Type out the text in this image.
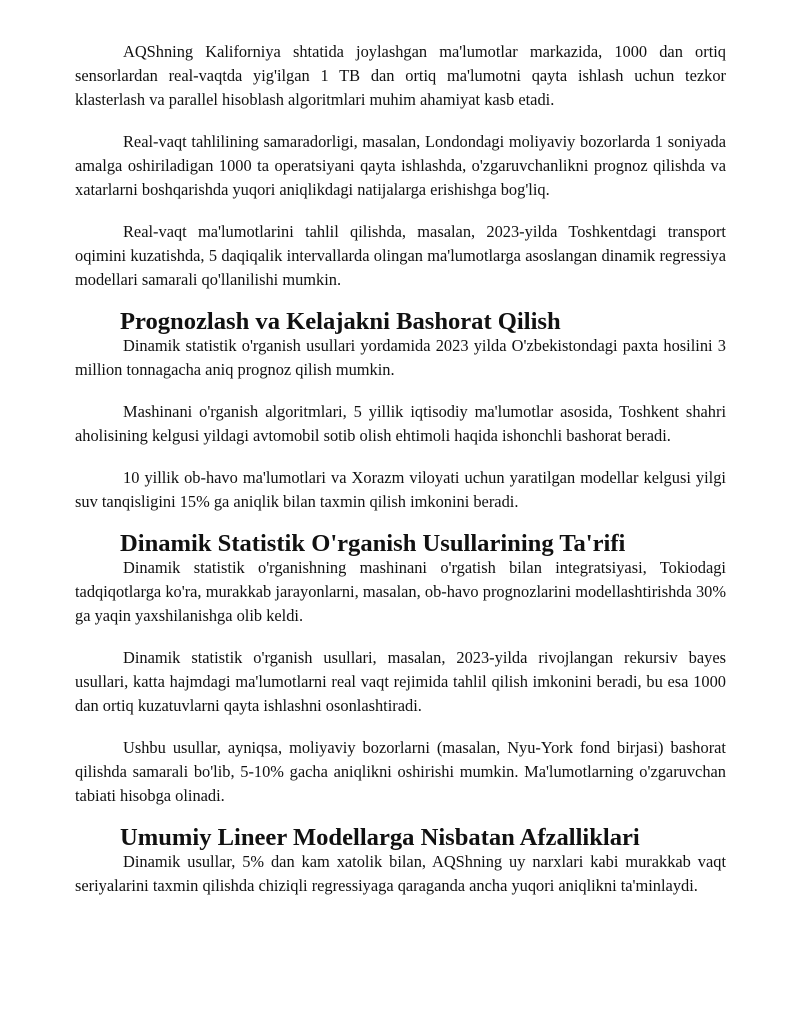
AQShning Kaliforniya shtatida joylashgan ma'lumotlar markazida, 1000 dan ortiq sensorlardan real-vaqtda yig'ilgan 1 TB dan ortiq ma'lumotni qayta ishlash uchun tezkor klasterlash va parallel hisoblash algoritmlari muhim ahamiyat kasb etadi.

Real-vaqt tahlilining samaradorligi, masalan, Londondagi moliyaviy bozorlarda 1 soniyada amalga oshiriladigan 1000 ta operatsiyani qayta ishlashda, o'zgaruvchanlikni prognoz qilishda va xatarlarni boshqarishda yuqori aniqlikdagi natijalarga erishishga bog'liq.

Real-vaqt ma'lumotlarini tahlil qilishda, masalan, 2023-yilda Toshkentdagi transport oqimini kuzatishda, 5 daqiqalik intervallarda olingan ma'lumotlarga asoslangan dinamik regressiya modellari samarali qo'llanilishi mumkin.

Prognozlash va Kelajakni Bashorat Qilish

Dinamik statistik o'rganish usullari yordamida 2023 yilda O'zbekistondagi paxta hosilini 3 million tonnagacha aniq prognoz qilish mumkin.

Mashinani o'rganish algoritmlari, 5 yillik iqtisodiy ma'lumotlar asosida, Toshkent shahri aholisining kelgusi yildagi avtomobil sotib olish ehtimoli haqida ishonchli bashorat beradi.

10 yillik ob-havo ma'lumotlari va Xorazm viloyati uchun yaratilgan modellar kelgusi yilgi suv tanqisligini 15% ga aniqlik bilan taxmin qilish imkonini beradi.

Dinamik Statistik O'rganish Usullarining Ta'rifi

Dinamik statistik o'rganishning mashinani o'rgatish bilan integratsiyasi, Tokiodagi tadqiqotlarga ko'ra, murakkab jarayonlarni, masalan, ob-havo prognozlarini modellashtirishda 30% ga yaqin yaxshilanishga olib keldi.

Dinamik statistik o'rganish usullari, masalan, 2023-yilda rivojlangan rekursiv bayes usullari, katta hajmdagi ma'lumotlarni real vaqt rejimida tahlil qilish imkonini beradi, bu esa 1000 dan ortiq kuzatuvlarni qayta ishlashni osonlashtiradi.

Ushbu usullar, ayniqsa, moliyaviy bozorlarni (masalan, Nyu-York fond birjasi) bashorat qilishda samarali bo'lib, 5-10% gacha aniqlikni oshirishi mumkin. Ma'lumotlarning o'zgaruvchan tabiati hisobga olinadi.

Umumiy Lineer Modellarga Nisbatan Afzalliklari

Dinamik usullar, 5% dan kam xatolik bilan, AQShning uy narxlari kabi murakkab vaqt seriyalarini taxmin qilishda chiziqli regressiyaga qaraganda ancha yuqori aniqlikni ta'minlaydi.
